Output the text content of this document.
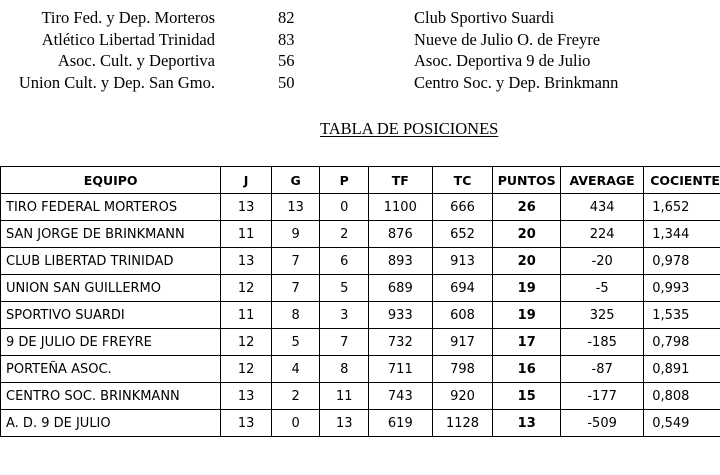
Tiro Fed. y Dep. Morteros	82	Club Sportivo Suardi
Atlético Libertad Trinidad	83	Nueve de Julio O. de Freyre
Asoc. Cult. y Deportiva	56	Asoc. Deportiva 9 de Julio
Union Cult. y Dep. San Gmo.	50	Centro Soc. y Dep. Brinkmann
TABLA DE POSICIONES
EQUIPO	J	G	P	TF	TC	PUNTOS	AVERAGE	COCIENTE
TIRO FEDERAL MORTEROS	13	13	0	1100	666	26	434	1,652
SAN JORGE DE BRINKMANN	11	9	2	876	652	20	224	1,344
CLUB LIBERTAD TRINIDAD	13	7	6	893	913	20	-20	0,978
UNION SAN GUILLERMO	12	7	5	689	694	19	-5	0,993
SPORTIVO SUARDI	11	8	3	933	608	19	325	1,535
9 DE JULIO DE FREYRE	12	5	7	732	917	17	-185	0,798
PORTEÑA ASOC.	12	4	8	711	798	16	-87	0,891
CENTRO SOC. BRINKMANN	13	2	11	743	920	15	-177	0,808
A. D. 9 DE JULIO	13	0	13	619	1128	13	-509	0,549
